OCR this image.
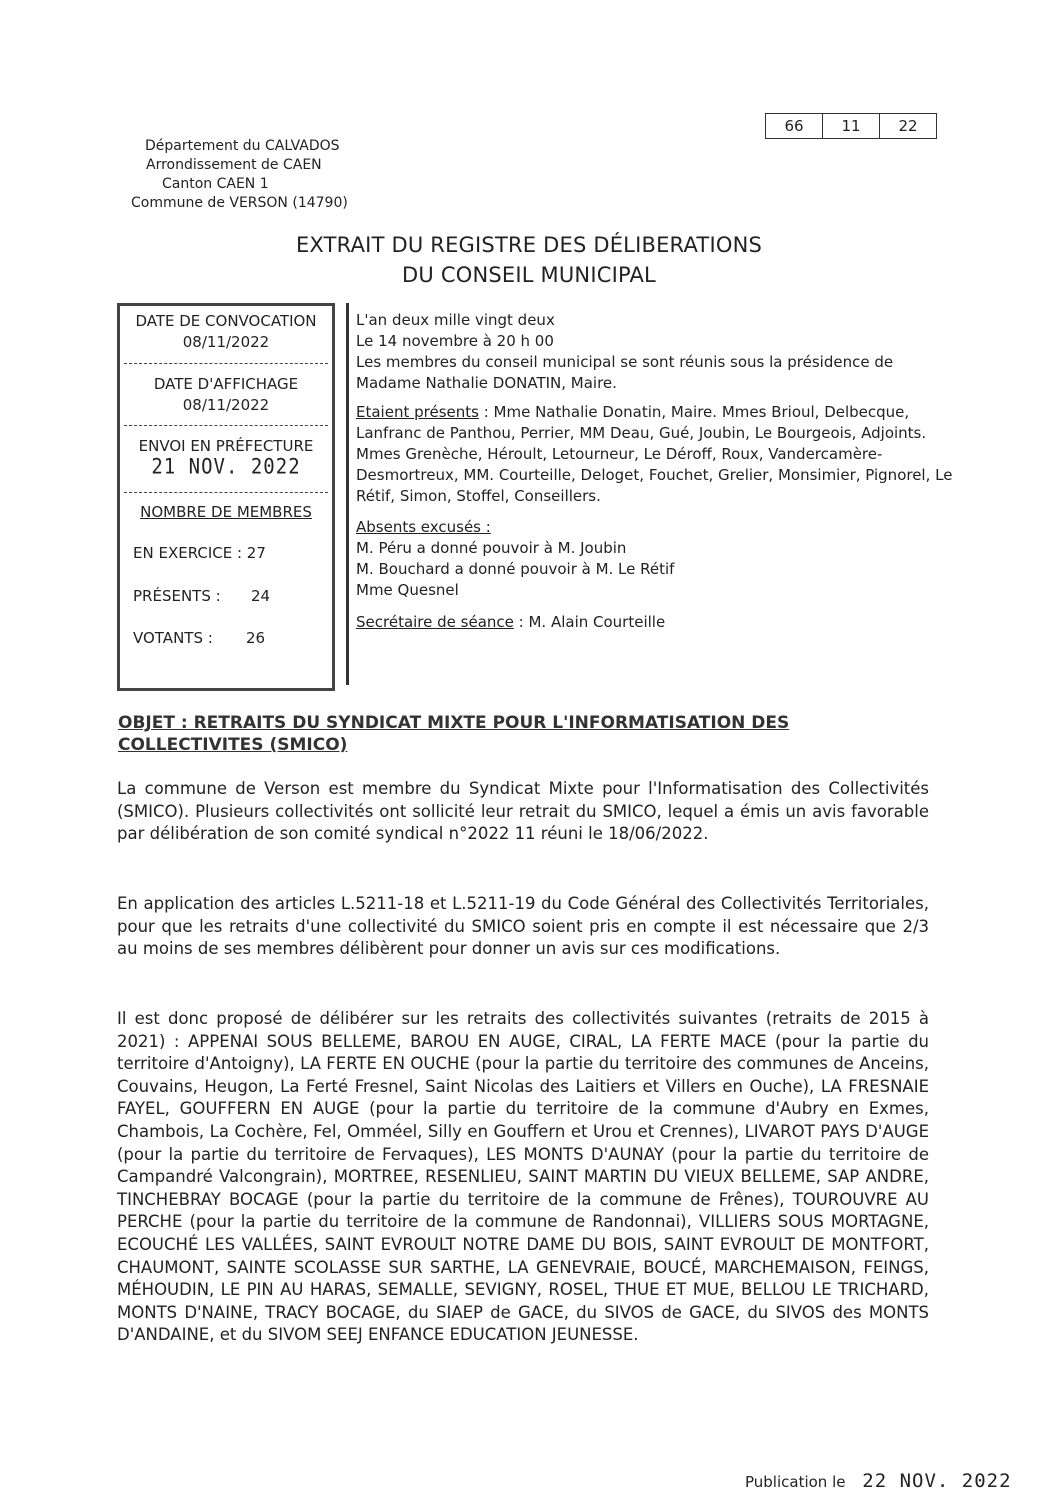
66	11	22
Département du CALVADOS
Arrondissement de CAEN
Canton CAEN 1
Commune de VERSON (14790)
EXTRAIT DU REGISTRE DES DÉLIBERATIONS
DU CONSEIL MUNICIPAL
DATE DE CONVOCATION
08/11/2022
DATE D'AFFICHAGE
08/11/2022
ENVOI EN PRÉFECTURE
21 NOV. 2022
NOMBRE DE MEMBRES
EN EXERCICE : 27
PRÉSENTS : 24
VOTANTS : 26

L'an deux mille vingt deux

Le 14 novembre à 20 h 00

Les membres du conseil municipal se sont réunis sous la présidence de Madame Nathalie DONATIN, Maire.

Etaient présents : Mme Nathalie Donatin, Maire. Mmes Brioul, Delbecque, Lanfranc de Panthou, Perrier, MM Deau, Gué, Joubin, Le Bourgeois, Adjoints. Mmes Grenèche, Héroult, Letourneur, Le Déroff, Roux, Vandercamère-Desmortreux, MM. Courteille, Deloget, Fouchet, Grelier, Monsimier, Pignorel, Le Rétif, Simon, Stoffel, Conseillers.

Absents excusés :

M. Péru a donné pouvoir à M. Joubin

M. Bouchard a donné pouvoir à M. Le Rétif

Mme Quesnel

Secrétaire de séance : M. Alain Courteille

OBJET : RETRAITS DU SYNDICAT MIXTE POUR L'INFORMATISATION DES COLLECTIVITES (SMICO)

La commune de Verson est membre du Syndicat Mixte pour l'Informatisation des Collectivités (SMICO). Plusieurs collectivités ont sollicité leur retrait du SMICO, lequel a émis un avis favorable par délibération de son comité syndical n°2022 11 réuni le 18/06/2022.

En application des articles L.5211-18 et L.5211-19 du Code Général des Collectivités Territoriales, pour que les retraits d'une collectivité du SMICO soient pris en compte il est nécessaire que 2/3 au moins de ses membres délibèrent pour donner un avis sur ces modifications.

Il est donc proposé de délibérer sur les retraits des collectivités suivantes (retraits de 2015 à 2021) : APPENAI SOUS BELLEME, BAROU EN AUGE, CIRAL, LA FERTE MACE (pour la partie du territoire d'Antoigny), LA FERTE EN OUCHE (pour la partie du territoire des communes de Anceins, Couvains, Heugon, La Ferté Fresnel, Saint Nicolas des Laitiers et Villers en Ouche), LA FRESNAIE FAYEL, GOUFFERN EN AUGE (pour la partie du territoire de la commune d'Aubry en Exmes, Chambois, La Cochère, Fel, Omméel, Silly en Gouffern et Urou et Crennes), LIVAROT PAYS D'AUGE (pour la partie du territoire de Fervaques), LES MONTS D'AUNAY (pour la partie du territoire de Campandré Valcongrain), MORTREE, RESENLIEU, SAINT MARTIN DU VIEUX BELLEME, SAP ANDRE, TINCHEBRAY BOCAGE (pour la partie du territoire de la commune de Frênes), TOUROUVRE AU PERCHE (pour la partie du territoire de la commune de Randonnai), VILLIERS SOUS MORTAGNE, ECOUCHÉ LES VALLÉES, SAINT EVROULT NOTRE DAME DU BOIS, SAINT EVROULT DE MONTFORT, CHAUMONT, SAINTE SCOLASSE SUR SARTHE, LA GENEVRAIE, BOUCÉ, MARCHEMAISON, FEINGS, MÉHOUDIN, LE PIN AU HARAS, SEMALLE, SEVIGNY, ROSEL, THUE ET MUE, BELLOU LE TRICHARD, MONTS D'NAINE, TRACY BOCAGE, du SIAEP de GACE, du SIVOS de GACE, du SIVOS des MONTS D'ANDAINE, et du SIVOM SEEJ ENFANCE EDUCATION JEUNESSE.

Publication le 22 NOV. 2022
